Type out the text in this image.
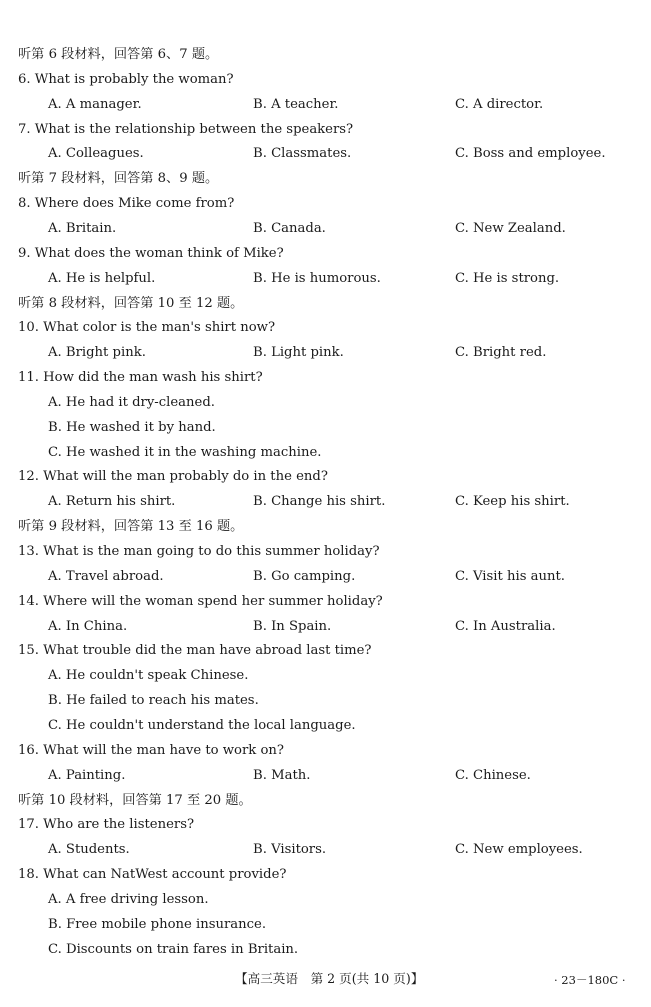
听第 6 段材料，回答第 6、7 题。
6. What is probably the woman?
A. A manager.	B. A teacher.	C. A director.
7. What is the relationship between the speakers?
A. Colleagues.	B. Classmates.	C. Boss and employee.
听第 7 段材料，回答第 8、9 题。
8. Where does Mike come from?
A. Britain.	B. Canada.	C. New Zealand.
9. What does the woman think of Mike?
A. He is helpful.	B. He is humorous.	C. He is strong.
听第 8 段材料，回答第 10 至 12 题。
10. What color is the man's shirt now?
A. Bright pink.	B. Light pink.	C. Bright red.
11. How did the man wash his shirt?
A. He had it dry-cleaned.
B. He washed it by hand.
C. He washed it in the washing machine.
12. What will the man probably do in the end?
A. Return his shirt.	B. Change his shirt.	C. Keep his shirt.
听第 9 段材料，回答第 13 至 16 题。
13. What is the man going to do this summer holiday?
A. Travel abroad.	B. Go camping.	C. Visit his aunt.
14. Where will the woman spend her summer holiday?
A. In China.	B. In Spain.	C. In Australia.
15. What trouble did the man have abroad last time?
A. He couldn't speak Chinese.
B. He failed to reach his mates.
C. He couldn't understand the local language.
16. What will the man have to work on?
A. Painting.	B. Math.	C. Chinese.
听第 10 段材料，回答第 17 至 20 题。
17. Who are the listeners?
A. Students.	B. Visitors.	C. New employees.
18. What can NatWest account provide?
A. A free driving lesson.
B. Free mobile phone insurance.
C. Discounts on train fares in Britain.
【高三英语　第 2 页(共 10 页)】	· 23－180C ·
